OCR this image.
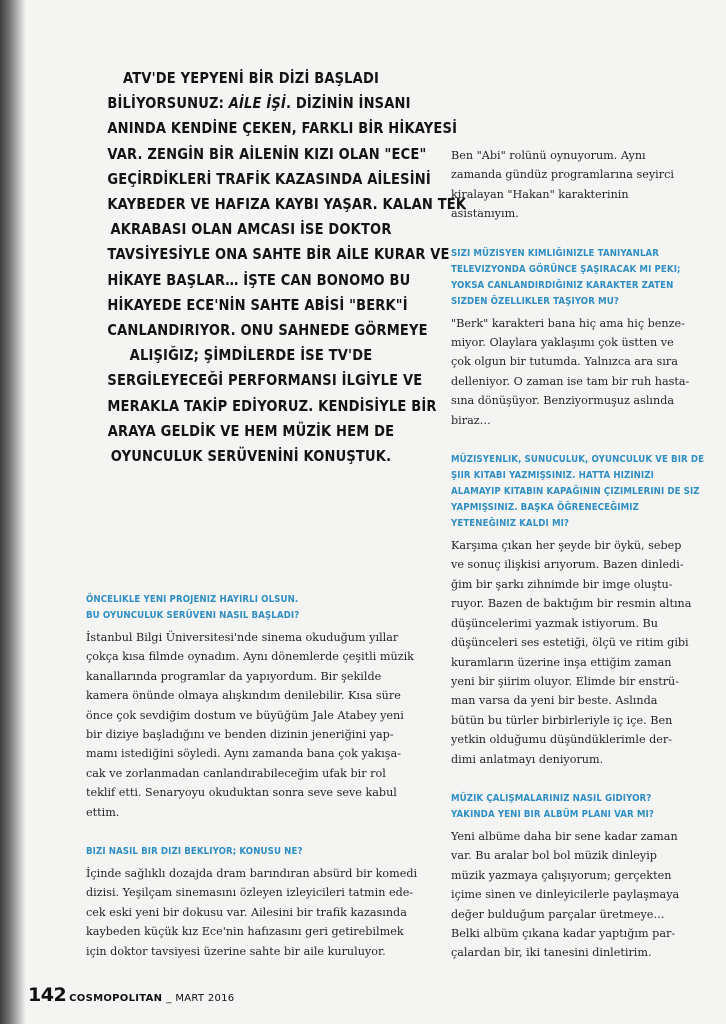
ATV'DE YEPYENİ BİR DİZİ BAŞLADI
BİLİYORSUNUZ: AİLE İŞİ. DİZİNİN İNSANI
ANINDA KENDİNE ÇEKEN, FARKLI BİR HİKAYESİ
VAR. ZENGİN BİR AİLENİN KIZI OLAN "ECE"
GEÇİRDİKLERİ TRAFİK KAZASINDA AİLESİNİ
KAYBEDER VE HAFIZA KAYBI YAŞAR. KALAN TEK
AKRABASI OLAN AMCASI İSE DOKTOR
TAVSİYESİYLE ONA SAHTE BİR AİLE KURAR VE
HİKAYE BAŞLAR… İŞTE CAN BONOMO BU
HİKAYEDE ECE'NİN SAHTE ABİSİ "BERK"İ
CANLANDIRIYOR. ONU SAHNEDE GÖRMEYE
ALIŞIĞIZ; ŞİMDİLERDE İSE TV'DE
SERGİLEYECEĞİ PERFORMANSI İLGİYLE VE
MERAKLA TAKİP EDİYORUZ. KENDİSİYLE BİR
ARAYA GELDİK VE HEM MÜZİK HEM DE
OYUNCULUK SERÜVENİNİ KONUŞTUK.
ÖNCELIKLE YENI PROJENIZ HAYIRLI OLSUN.
BU OYUNCULUK SERÜVENI NASIL BAŞLADI?
İstanbul Bilgi Üniversitesi'nde sinema okuduğum yıllar
çokça kısa filmde oynadım. Aynı dönemlerde çeşitli müzik
kanallarında programlar da yapıyordum. Bir şekilde
kamera önünde olmaya alışkındım denilebilir. Kısa süre
önce çok sevdiğim dostum ve büyüğüm Jale Atabey yeni
bir diziye başladığını ve benden dizinin jeneriğini yap-
mamı istediğini söyledi. Aynı zamanda bana çok yakışa-
cak ve zorlanmadan canlandırabileceğim ufak bir rol
teklif etti. Senaryoyu okuduktan sonra seve seve kabul
ettim.
BIZI NASIL BIR DIZI BEKLIYOR; KONUSU NE?
İçinde sağlıklı dozajda dram barındıran absürd bir komedi
dizisi. Yeşilçam sinemasını özleyen izleyicileri tatmin ede-
cek eski yeni bir dokusu var. Ailesini bir trafik kazasında
kaybeden küçük kız Ece'nin hafızasını geri getirebilmek
için doktor tavsiyesi üzerine sahte bir aile kuruluyor.
Ben "Abi" rolünü oynuyorum. Aynı
zamanda gündüz programlarına seyirci
kiralayan "Hakan" karakterinin
asistanıyım.
SIZI MÜZISYEN KIMLIĞINIZLE TANIYANLAR
TELEVIZYONDA GÖRÜNCE ŞAŞIRACAK MI PEKI;
YOKSA CANLANDIRDIĞINIZ KARAKTER ZATEN
SIZDEN ÖZELLIKLER TAŞIYOR MU?
"Berk" karakteri bana hiç ama hiç benze-
miyor. Olaylara yaklaşımı çok üstten ve
çok olgun bir tutumda. Yalnızca ara sıra
delleniyor. O zaman ise tam bir ruh hasta-
sına dönüşüyor. Benziyormuşuz aslında
biraz…
MÜZISYENLIK, SUNUCULUK, OYUNCULUK VE BIR DE
ŞIIR KITABI YAZMIŞSINIZ. HATTA HIZINIZI
ALAMAYIP KITABIN KAPAĞININ ÇIZIMLERINI DE SIZ
YAPMIŞSINIZ. BAŞKA ÖĞRENECEĞIMIZ
YETENEĞINIZ KALDI MI?
Karşıma çıkan her şeyde bir öykü, sebep
ve sonuç ilişkisi arıyorum. Bazen dinledi-
ğim bir şarkı zihnimde bir imge oluştu-
ruyor. Bazen de baktığım bir resmin altına
düşüncelerimi yazmak istiyorum. Bu
düşünceleri ses estetiği, ölçü ve ritim gibi
kuramların üzerine inşa ettiğim zaman
yeni bir şiirim oluyor. Elimde bir enstrü-
man varsa da yeni bir beste. Aslında
bütün bu türler birbirleriyle iç içe. Ben
yetkin olduğumu düşündüklerimle der-
dimi anlatmayı deniyorum.
MÜZIK ÇALIŞMALARINIZ NASIL GIDIYOR?
YAKINDA YENI BIR ALBÜM PLANI VAR MI?
Yeni albüme daha bir sene kadar zaman
var. Bu aralar bol bol müzik dinleyip
müzik yazmaya çalışıyorum; gerçekten
içime sinen ve dinleyicilerle paylaşmaya
değer bulduğum parçalar üretmeye…
Belki albüm çıkana kadar yaptığım par-
çalardan bir, iki tanesini dinletirim.
142 COSMOPOLITAN _ MART 2016
